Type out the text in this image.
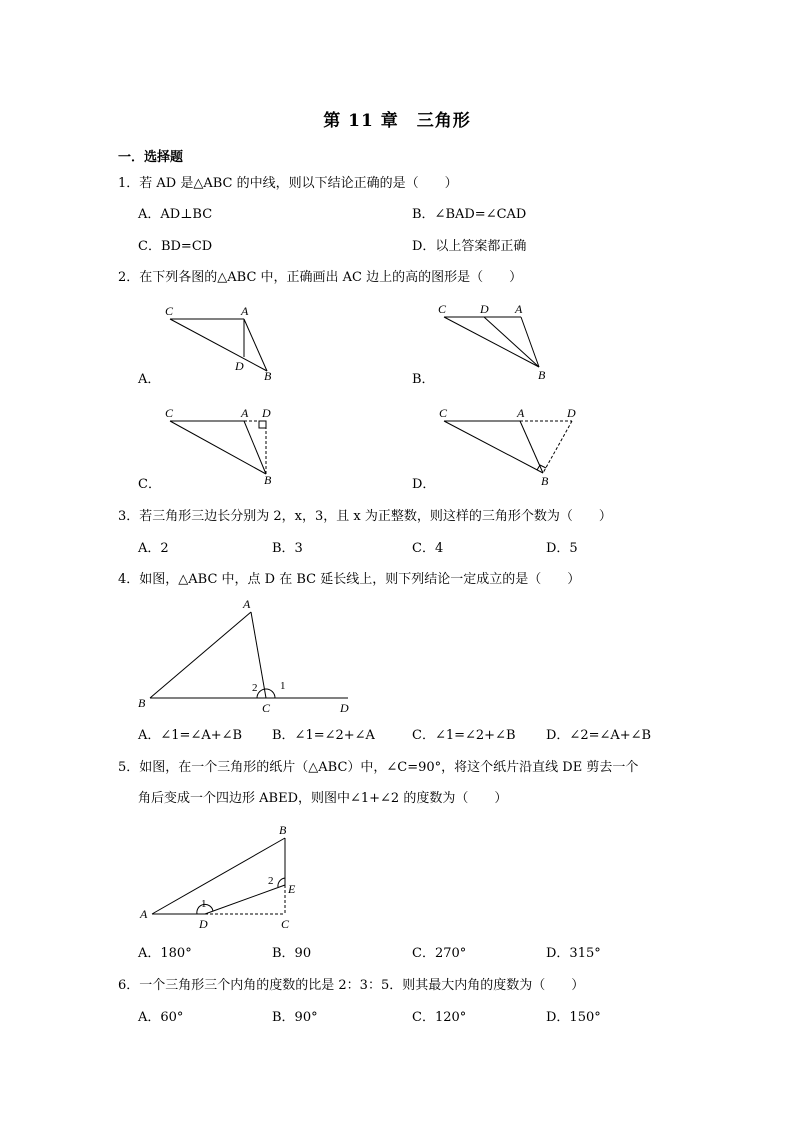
第 11 章　三角形
一．选择题
1．若 AD 是△ABC 的中线，则以下结论正确的是（　　）
A．AD⊥BC	B．∠BAD=∠CAD
C．BD=CD	D．以上答案都正确
2．在下列各图的△ABC 中，正确画出 AC 边上的高的图形是（　　）
C	A
D
B
A．
C	D A
B
B．
C	A D
B
C．
C	A	D
B
D．
3．若三角形三边长分别为 2，x，3，且 x 为正整数，则这样的三角形个数为（　　）
A．2	B．3	C．4	D．5
4．如图，△ABC 中，点 D 在 BC 延长线上，则下列结论一定成立的是（　　）
A
B	C	D
2 1
A．∠1=∠A+∠B B．∠1=∠2+∠A	C．∠1=∠2+∠B D．∠2=∠A+∠B
5．如图，在一个三角形的纸片（△ABC）中，∠C=90°，将这个纸片沿直线 DE 剪去一个
角后变成一个四边形 ABED，则图中∠1+∠2 的度数为（　　）
B
A
D	C
E
1
2
A．180°	B．90	C．270°	D．315°
6．一个三角形三个内角的度数的比是 2：3：5．则其最大内角的度数为（　　）
A．60°	B．90°	C．120°	D．150°
